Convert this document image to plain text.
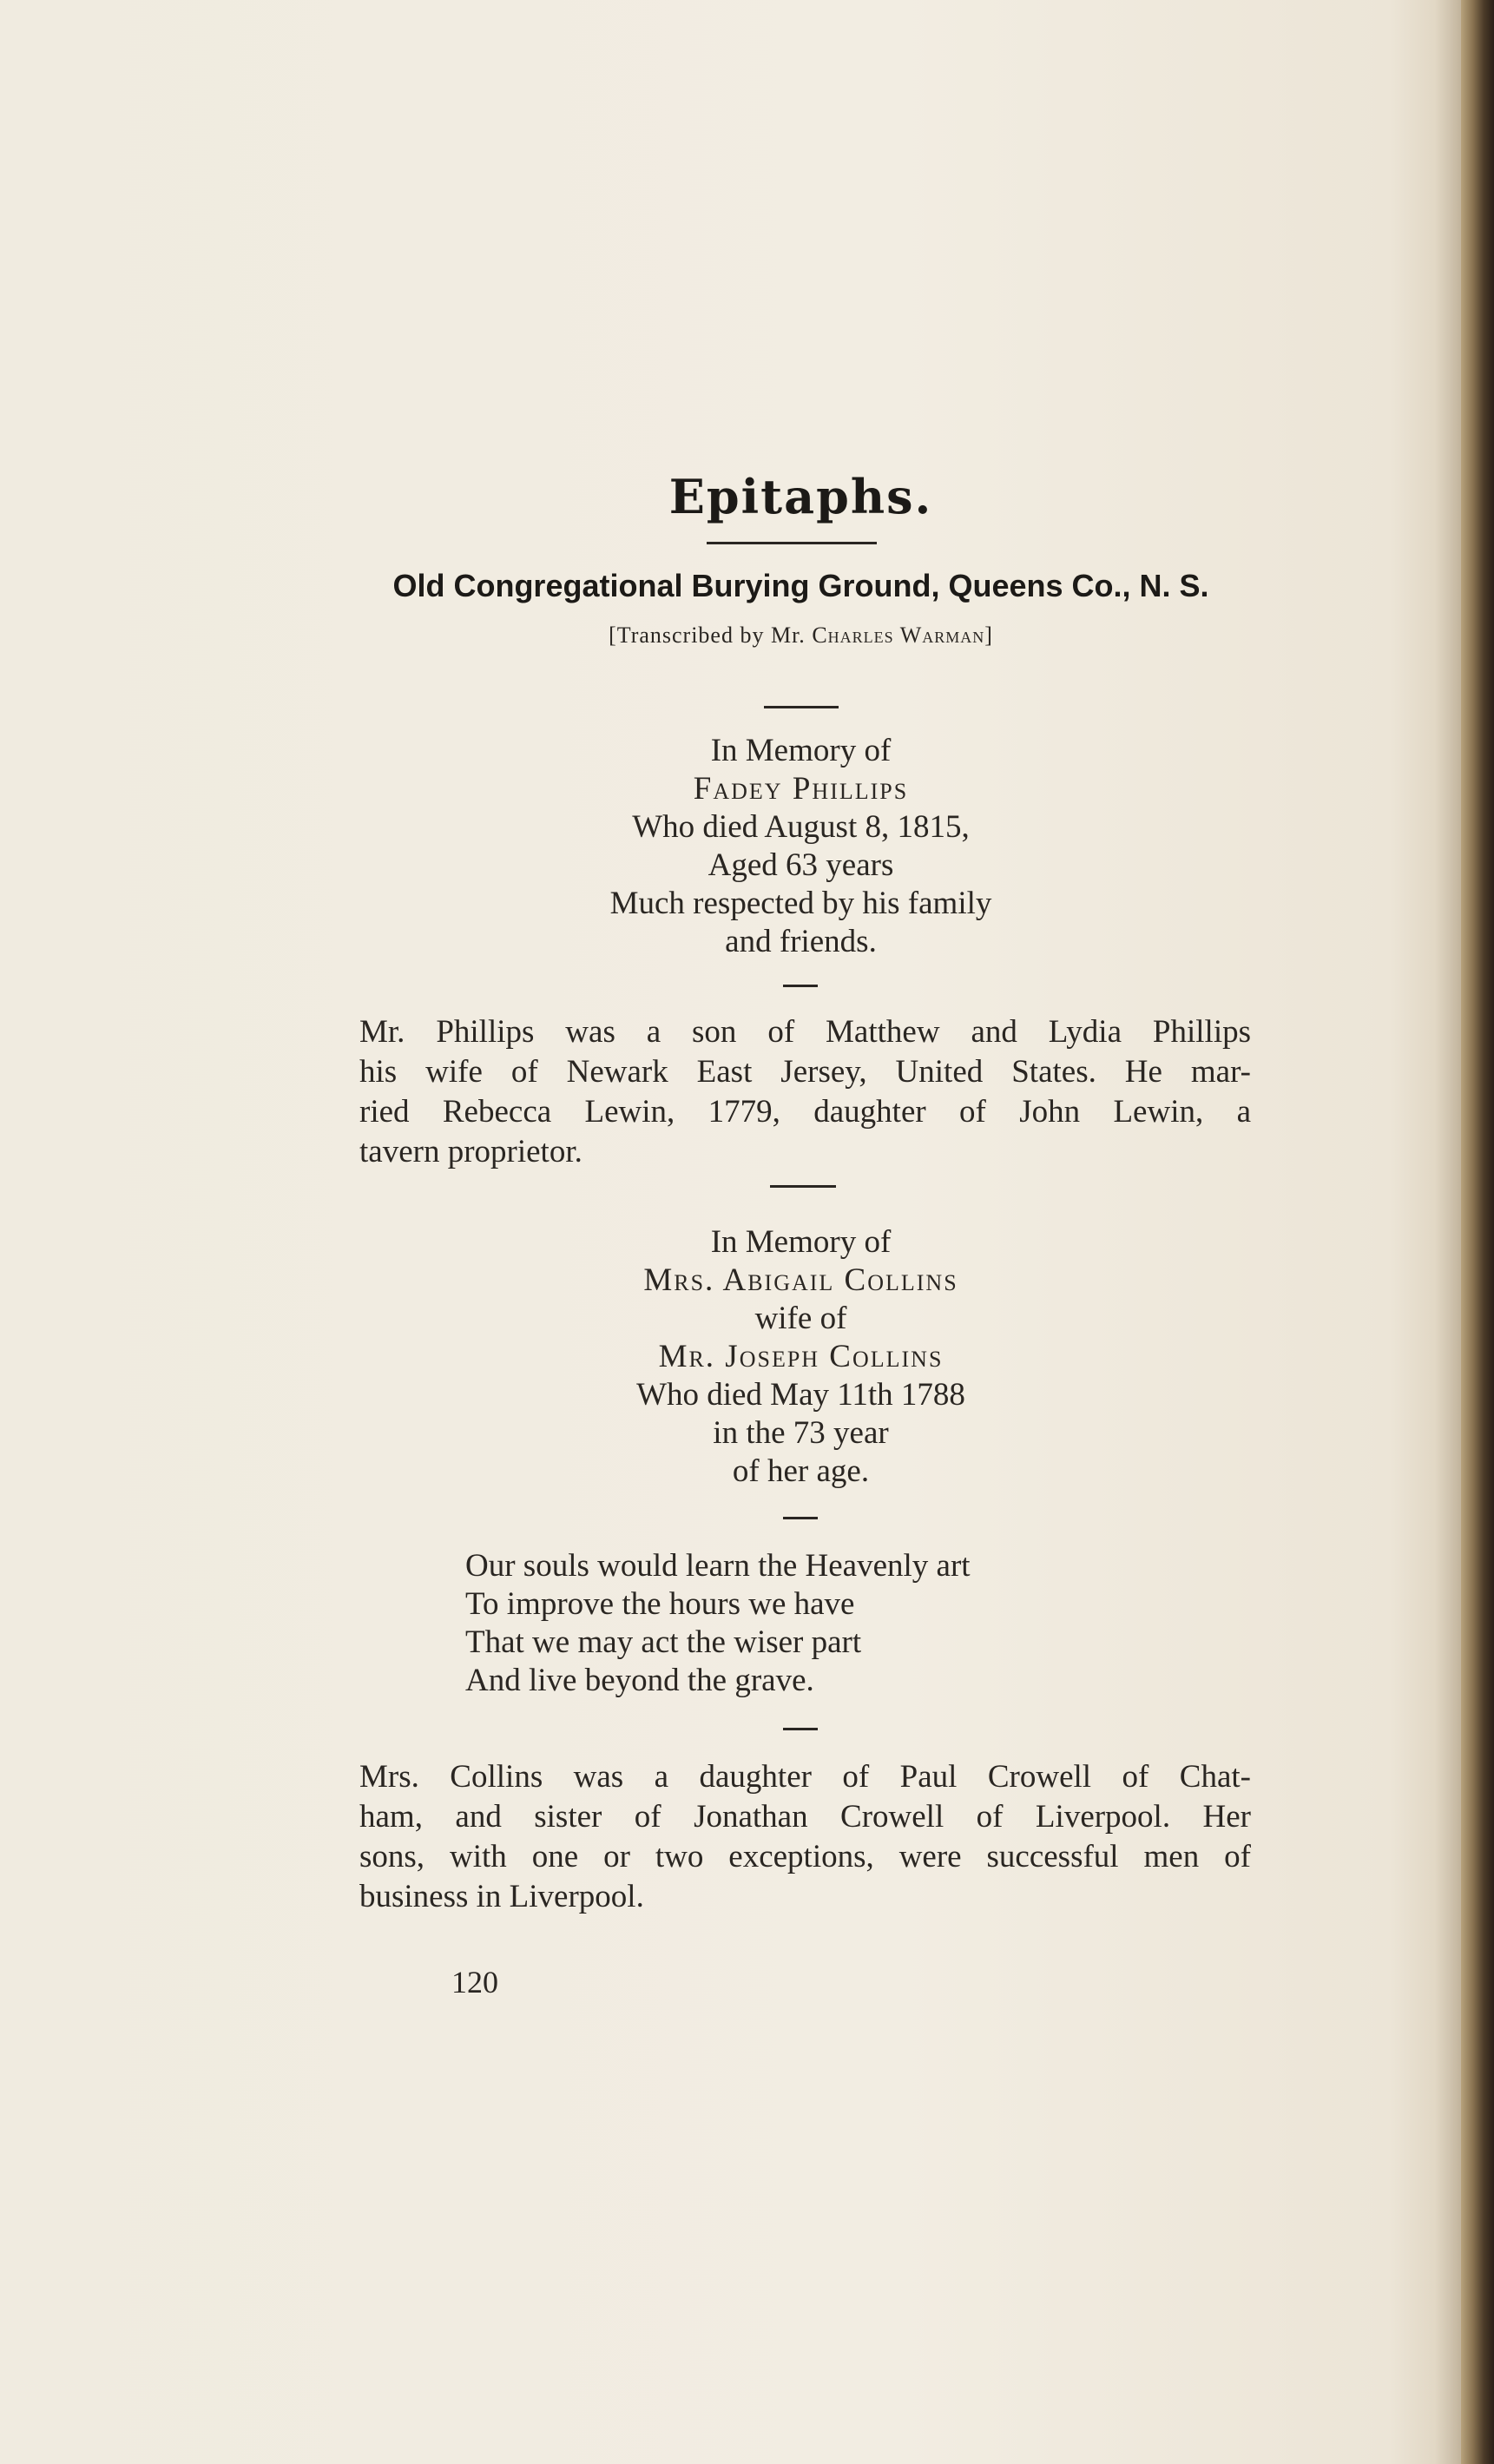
Epitaphs.
Old Congregational Burying Ground, Queens Co., N. S.
[Transcribed by Mr. Charles Warman]
In Memory of
Fadey Phillips
Who died August 8, 1815,
Aged 63 years
Much respected by his family
and friends.
Mr. Phillips was a son of Matthew and Lydia Phillips
his wife of Newark East Jersey, United States. He mar-
ried Rebecca Lewin, 1779, daughter of John Lewin, a
tavern proprietor.
In Memory of
Mrs. Abigail Collins
wife of
Mr. Joseph Collins
Who died May 11th 1788
in the 73 year
of her age.
Our souls would learn the Heavenly art
To improve the hours we have
That we may act the wiser part
And live beyond the grave.
Mrs. Collins was a daughter of Paul Crowell of Chat-
ham, and sister of Jonathan Crowell of Liverpool. Her
sons, with one or two exceptions, were successful men of
business in Liverpool.
120
